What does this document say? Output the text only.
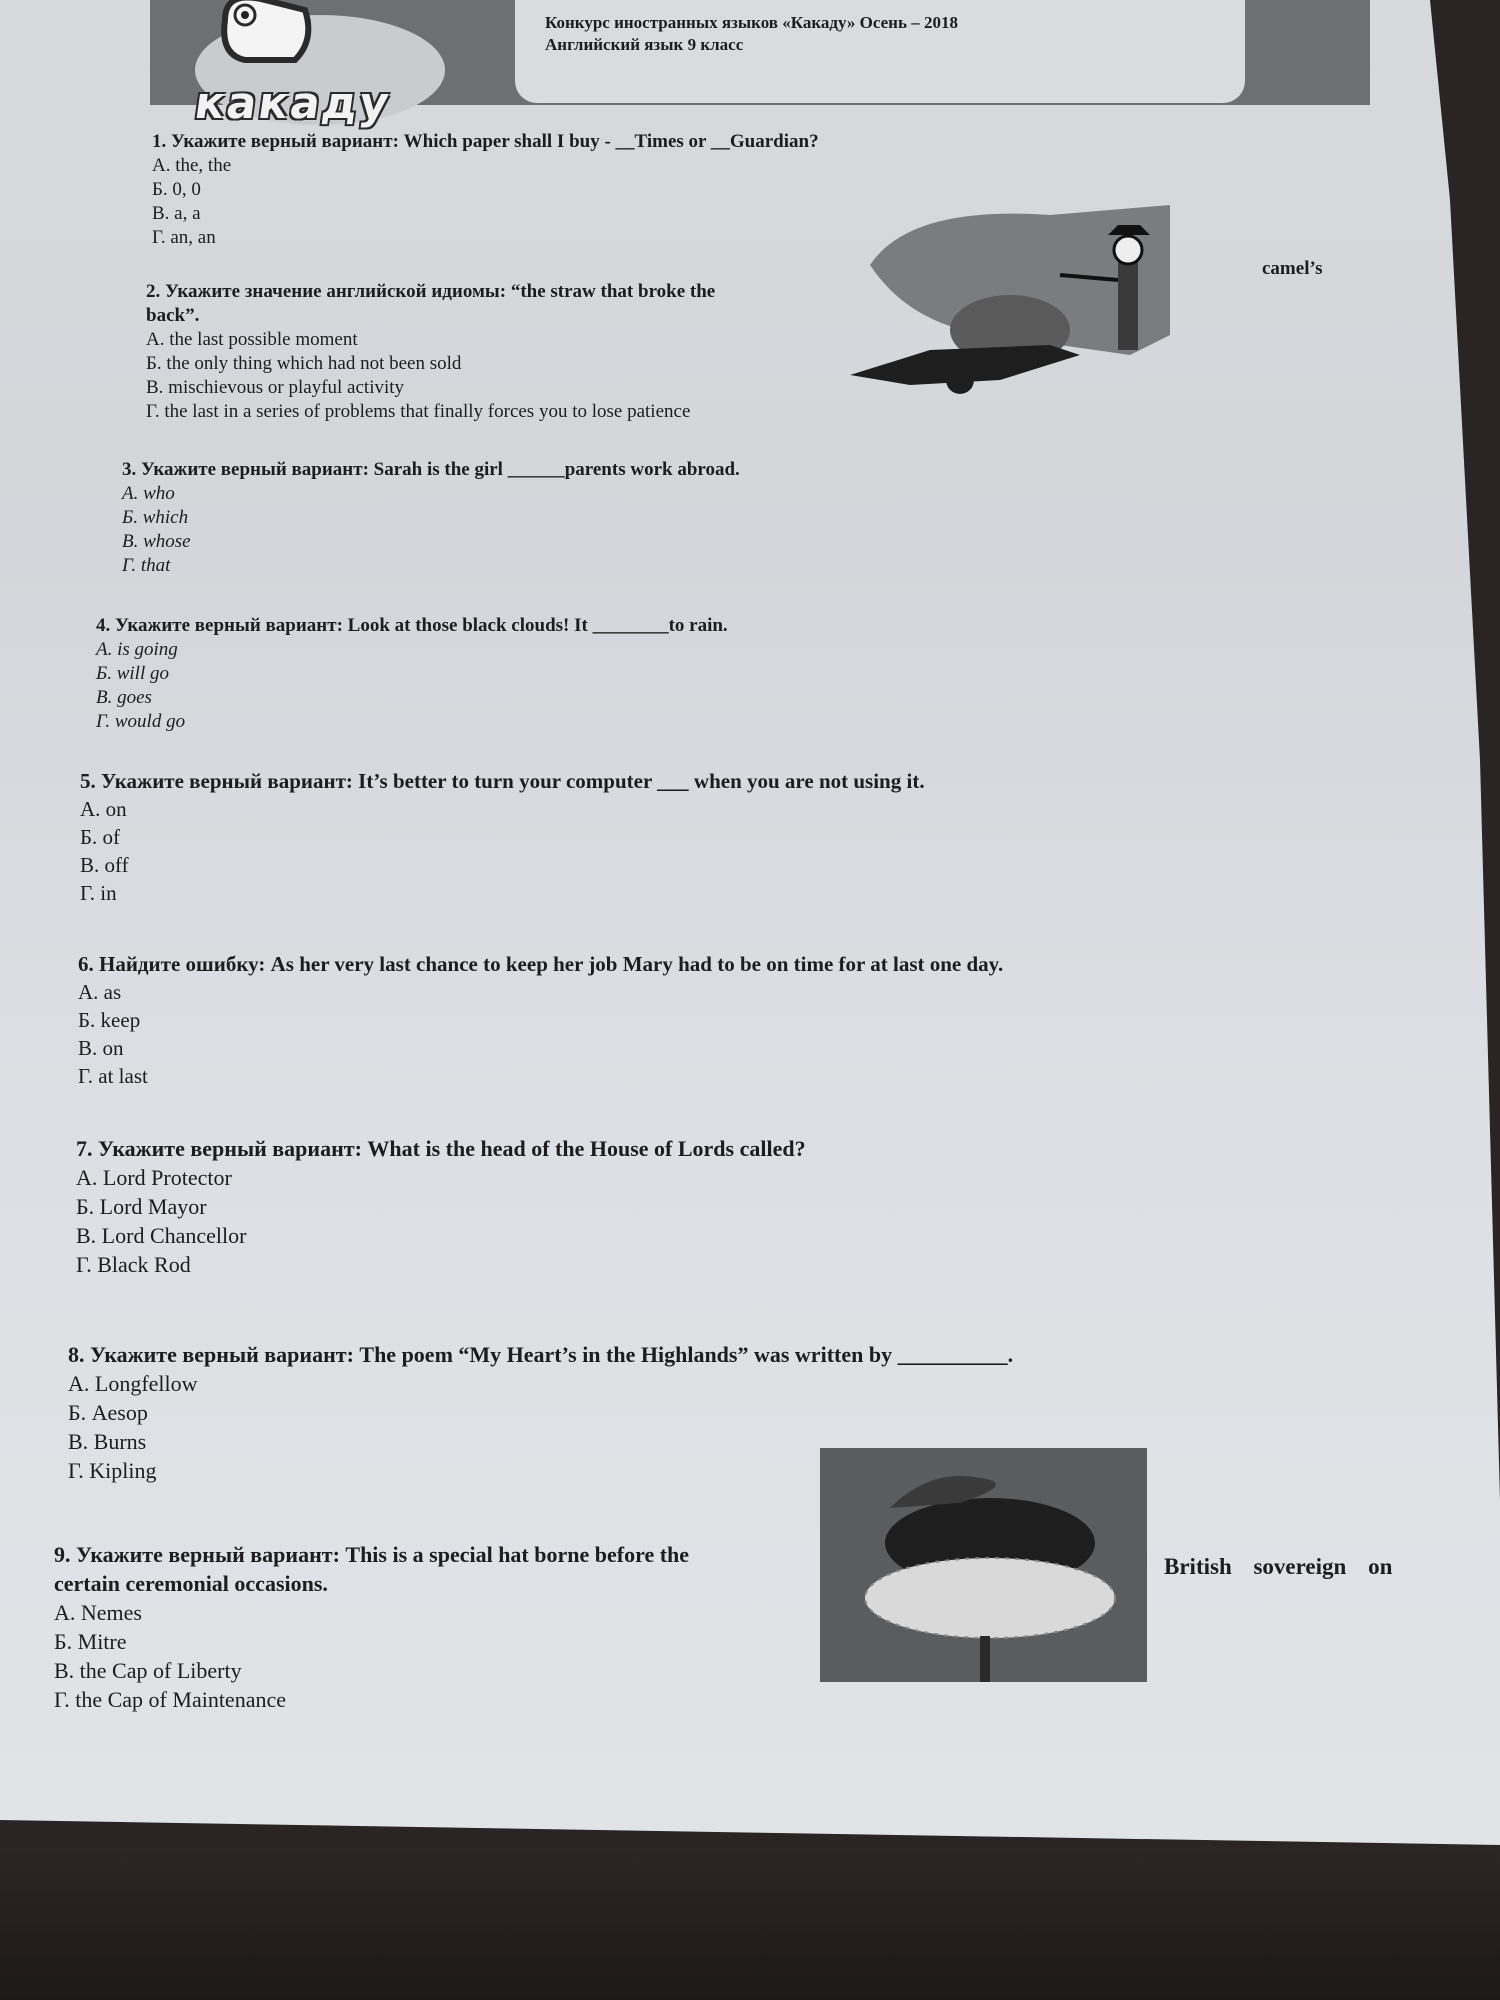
Конкурс иностранных языков «Какаду» Осень – 2018
Английский язык 9 класс
какаду
1. Укажите верный вариант: Which paper shall I buy - __Times or __Guardian?
А. the, the
Б. 0, 0
В. a, a
Г. an, an
2. Укажите значение английской идиомы: “the straw that broke the
back”.
А. the last possible moment
Б. the only thing which had not been sold
В. mischievous or playful activity
Г. the last in a series of problems that finally forces you to lose patience
camel’s
3. Укажите верный вариант: Sarah is the girl ______parents work abroad.
А. who
Б. which
В. whose
Г. that
4. Укажите верный вариант: Look at those black clouds! It ________to rain.
А. is going
Б. will go
В. goes
Г. would go
5. Укажите верный вариант: It’s better to turn your computer ___ when you are not using it.
А. on
Б. of
В. off
Г. in
6. Найдите ошибку: As her very last chance to keep her job Mary had to be on time for at last one day.
А. as
Б. keep
В. on
Г. at last
7. Укажите верный вариант: What is the head of the House of Lords called?
А. Lord Protector
Б. Lord Mayor
В. Lord Chancellor
Г. Black Rod
8. Укажите верный вариант: The poem “My Heart’s in the Highlands” was written by __________.
А. Longfellow
Б. Aesop
В. Burns
Г. Kipling
9. Укажите верный вариант: This is a special hat borne before the
certain ceremonial occasions.
А. Nemes
Б. Mitre
В. the Cap of Liberty
Г. the Cap of Maintenance
British sovereign on
